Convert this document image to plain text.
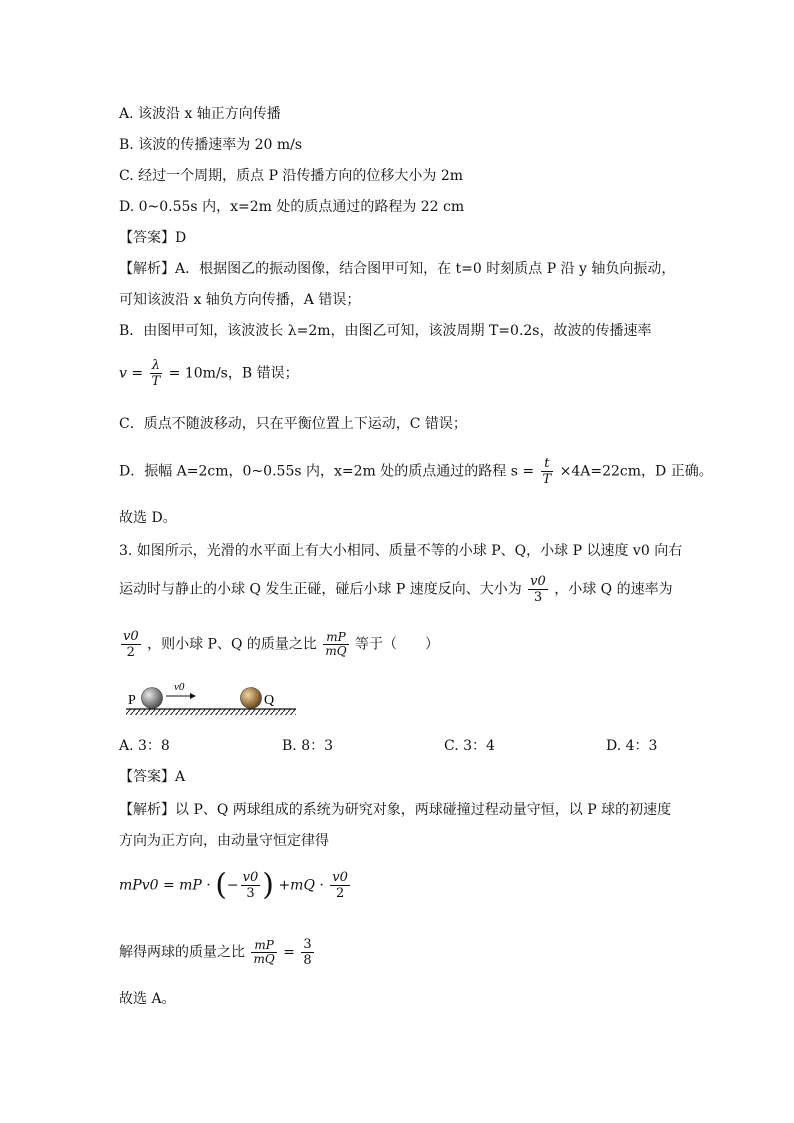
A. 该波沿 x 轴正方向传播
B. 该波的传播速率为 20 m/s
C. 经过一个周期，质点 P 沿传播方向的位移大小为 2m
D. 0~0.55s 内，x=2m 处的质点通过的路程为 22 cm
【答案】D
【解析】A．根据图乙的振动图像，结合图甲可知，在 t=0 时刻质点 P 沿 y 轴负向振动，
可知该波沿 x 轴负方向传播，A 错误；
B．由图甲可知，该波波长 λ=2m，由图乙可知，该波周期 T=0.2s，故波的传播速率
$v = \frac{\lambda}{T} = 10m/s$，B 错误；
C．质点不随波移动，只在平衡位置上下运动，C 错误；
D．振幅 A=2cm，0~0.55s 内，x=2m 处的质点通过的路程 $s = \frac{t}{T} \times 4A=22cm$，D 正确。
故选 D。
3. 如图所示，光滑的水平面上有大小相同、质量不等的小球 P、Q，小球 P 以速度 v0 向右
运动时与静止的小球 Q 发生正碰，碰后小球 P 速度反向、大小为 $\frac{v0}{3}$ ，小球 Q 的速率为
$\frac{v0}{2}$ ，则小球 P、Q 的质量之比 $\frac{mP}{mQ}$ 等于（　　）
P
v0
Q
A. 3：8	B. 8：3	C. 3：4	D. 4：3
【答案】A
【解析】以 P、Q 两球组成的系统为研究对象，两球碰撞过程动量守恒，以 P 球的初速度
方向为正方向，由动量守恒定律得
mPv0 = mP · (− $\frac{v0}{3}$ ) $+mQ \cdot \frac{v0}{2}$
解得两球的质量之比 $\frac{mP}{mQ} = \frac{3}{8}$
故选 A。
